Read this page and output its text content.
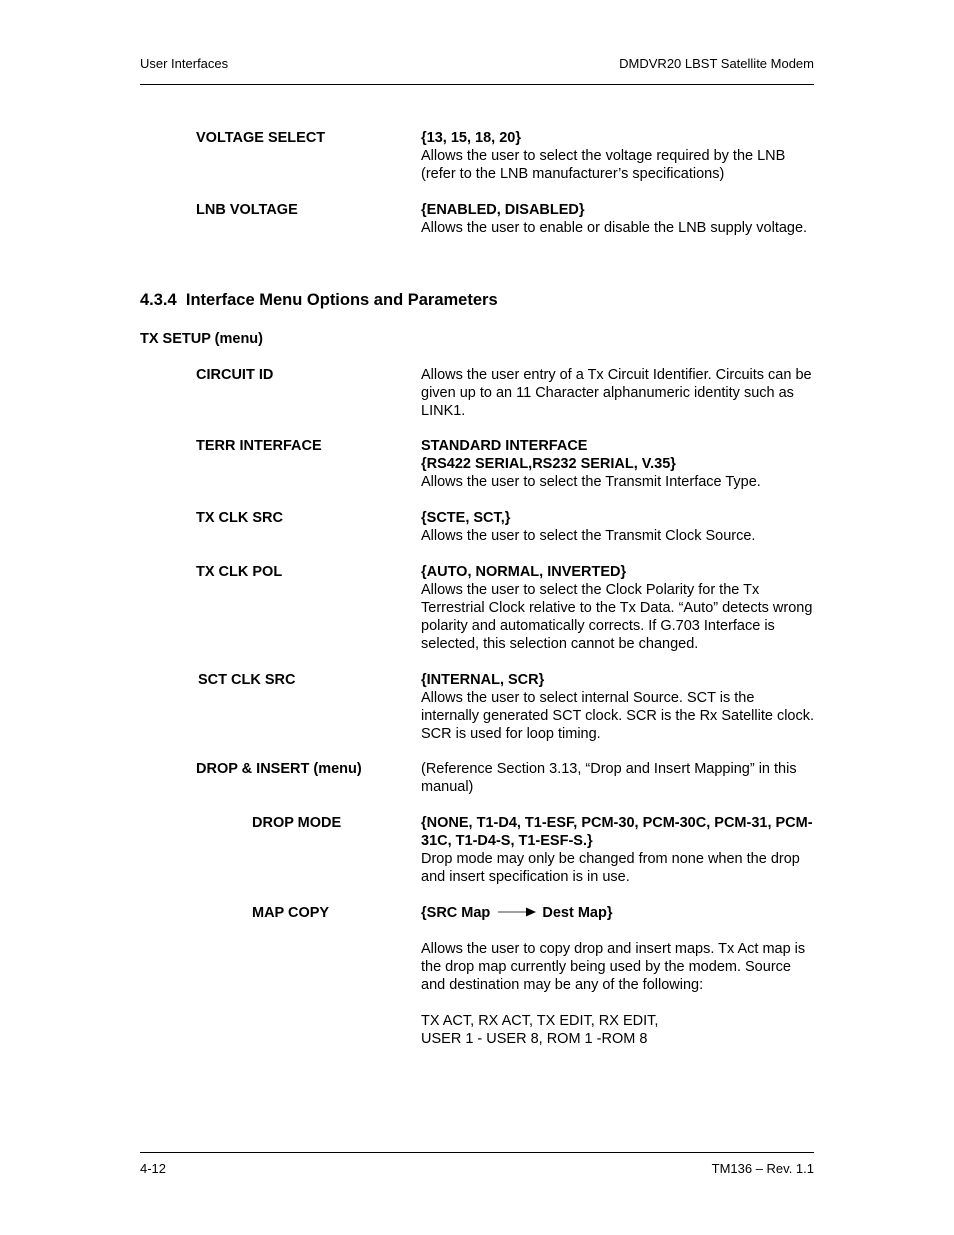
User Interfaces	DMDVR20 LBST Satellite Modem
VOLTAGE SELECT	{13, 15, 18, 20}
Allows the user to select the voltage required by the LNB (refer to the LNB manufacturer’s specifications)
LNB VOLTAGE	{ENABLED, DISABLED}
Allows the user to enable or disable the LNB supply voltage.
4.3.4 Interface Menu Options and Parameters
TX SETUP (menu)
CIRCUIT ID	Allows the user entry of a Tx Circuit Identifier. Circuits can be given up to an 11 Character alphanumeric identity such as LINK1.
TERR INTERFACE	STANDARD INTERFACE
{RS422 SERIAL,RS232 SERIAL, V.35}
Allows the user to select the Transmit Interface Type.
TX CLK SRC	{SCTE, SCT,}
Allows the user to select the Transmit Clock Source.
TX CLK POL	{AUTO, NORMAL, INVERTED}
Allows the user to select the Clock Polarity for the Tx Terrestrial Clock relative to the Tx Data. “Auto” detects wrong polarity and automatically corrects. If G.703 Interface is selected, this selection cannot be changed.
SCT CLK SRC	{INTERNAL, SCR}
Allows the user to select internal Source. SCT is the internally generated SCT clock. SCR is the Rx Satellite clock. SCR is used for loop timing.
DROP & INSERT (menu)	(Reference Section 3.13, “Drop and Insert Mapping” in this manual)
DROP MODE	{NONE, T1-D4, T1-ESF, PCM-30, PCM-30C, PCM-31, PCM-31C, T1-D4-S, T1-ESF-S.}
Drop mode may only be changed from none when the drop and insert specification is in use.
MAP COPY	{SRC Map	Dest Map}
Allows the user to copy drop and insert maps. Tx Act map is the drop map currently being used by the modem. Source and destination may be any of the following:
TX ACT, RX ACT, TX EDIT, RX EDIT,
USER 1 - USER 8, ROM 1 -ROM 8
4-12	TM136 – Rev. 1.1
